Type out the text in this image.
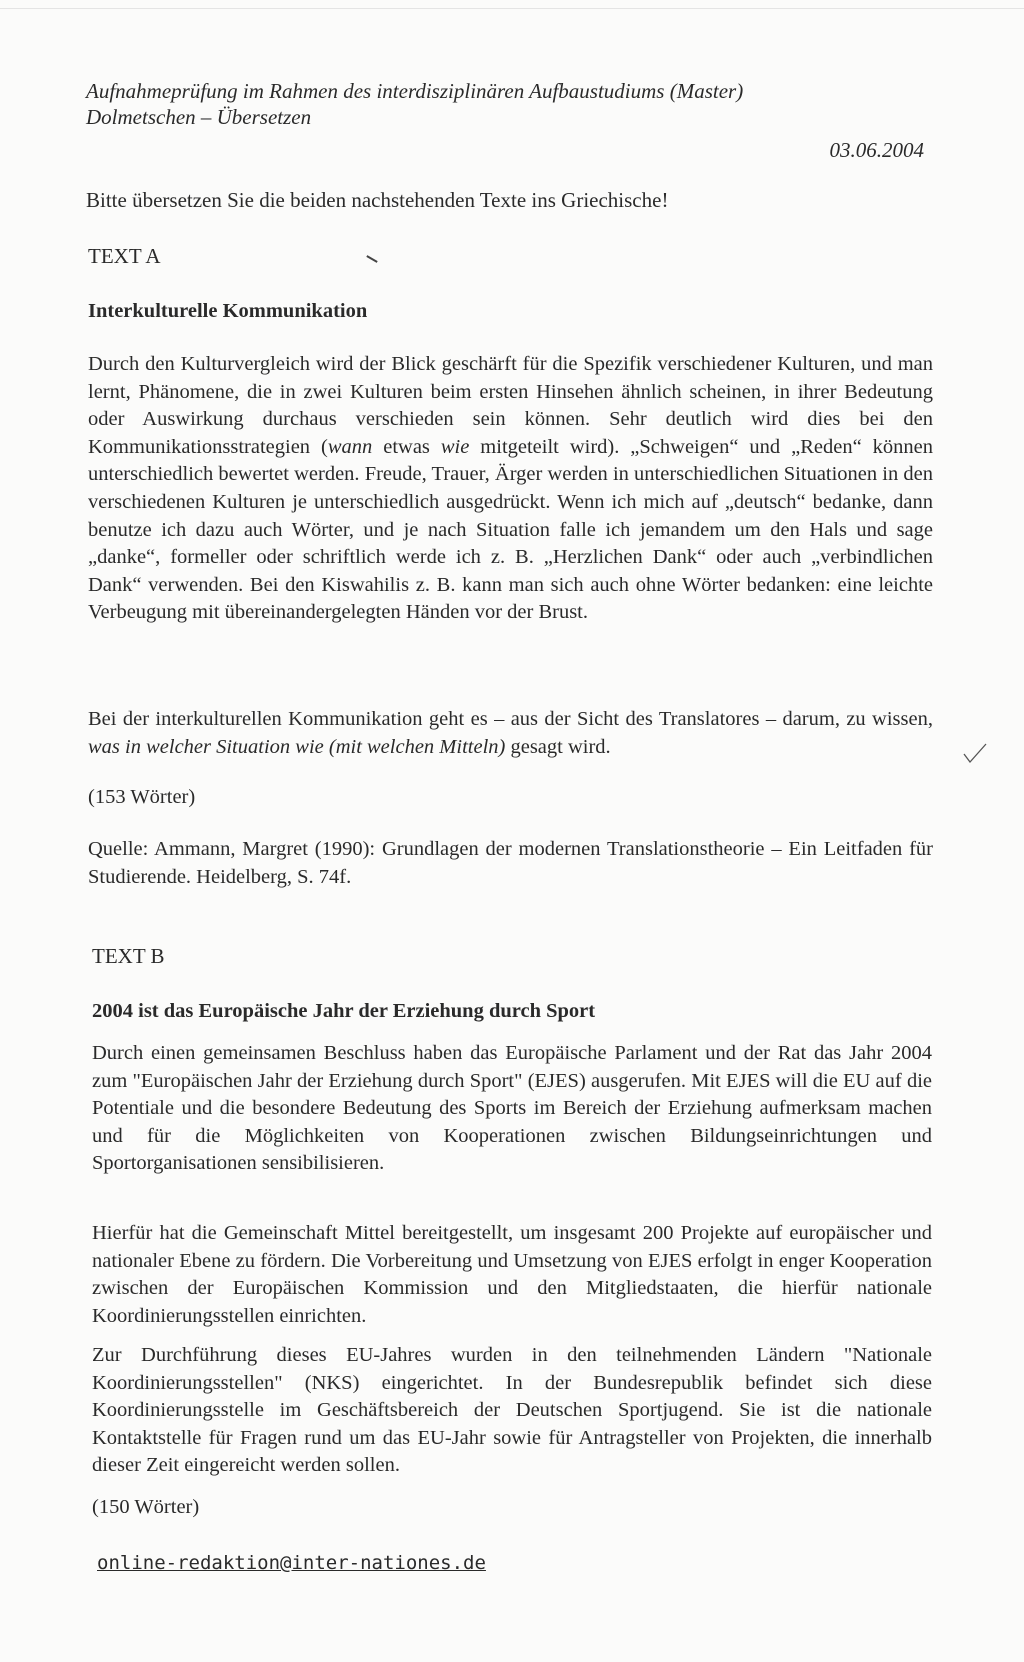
Aufnahmeprüfung im Rahmen des interdisziplinären Aufbaustudiums (Master)
Dolmetschen – Übersetzen
03.06.2004
Bitte übersetzen Sie die beiden nachstehenden Texte ins Griechische!
TEXT A
Interkulturelle Kommunikation
Durch den Kulturvergleich wird der Blick geschärft für die Spezifik verschiedener Kulturen, und man lernt, Phänomene, die in zwei Kulturen beim ersten Hinsehen ähnlich scheinen, in ihrer Bedeutung oder Auswirkung durchaus verschieden sein können. Sehr deutlich wird dies bei den Kommunikationsstrategien (wann etwas wie mitgeteilt wird). „Schweigen“ und „Reden“ können unterschiedlich bewertet werden. Freude, Trauer, Ärger werden in unterschiedlichen Situationen in den verschiedenen Kulturen je unterschiedlich ausgedrückt. Wenn ich mich auf „deutsch“ bedanke, dann benutze ich dazu auch Wörter, und je nach Situation falle ich jemandem um den Hals und sage „danke“, formeller oder schriftlich werde ich z. B. „Herzlichen Dank“ oder auch „verbindlichen Dank“ verwenden. Bei den Kiswahilis z. B. kann man sich auch ohne Wörter bedanken: eine leichte Verbeugung mit übereinandergelegten Händen vor der Brust.
Bei der interkulturellen Kommunikation geht es – aus der Sicht des Translatores – darum, zu wissen, was in welcher Situation wie (mit welchen Mitteln) gesagt wird.
(153 Wörter)
Quelle: Ammann, Margret (1990): Grundlagen der modernen Translationstheorie – Ein Leitfaden für Studierende. Heidelberg, S. 74f.
TEXT B
2004 ist das Europäische Jahr der Erziehung durch Sport
Durch einen gemeinsamen Beschluss haben das Europäische Parlament und der Rat das Jahr 2004 zum "Europäischen Jahr der Erziehung durch Sport" (EJES) ausgerufen. Mit EJES will die EU auf die Potentiale und die besondere Bedeutung des Sports im Bereich der Erziehung aufmerksam machen und für die Möglichkeiten von Kooperationen zwischen Bildungseinrichtungen und Sportorganisationen sensibilisieren.
Hierfür hat die Gemeinschaft Mittel bereitgestellt, um insgesamt 200 Projekte auf europäischer und nationaler Ebene zu fördern. Die Vorbereitung und Umsetzung von EJES erfolgt in enger Kooperation zwischen der Europäischen Kommission und den Mitgliedstaaten, die hierfür nationale Koordinierungsstellen einrichten.
Zur Durchführung dieses EU-Jahres wurden in den teilnehmenden Ländern "Nationale Koordinierungsstellen" (NKS) eingerichtet. In der Bundesrepublik befindet sich diese Koordinierungsstelle im Geschäftsbereich der Deutschen Sportjugend. Sie ist die nationale Kontaktstelle für Fragen rund um das EU-Jahr sowie für Antragsteller von Projekten, die innerhalb dieser Zeit eingereicht werden sollen.
(150 Wörter)
online-redaktion@inter-nationes.de
